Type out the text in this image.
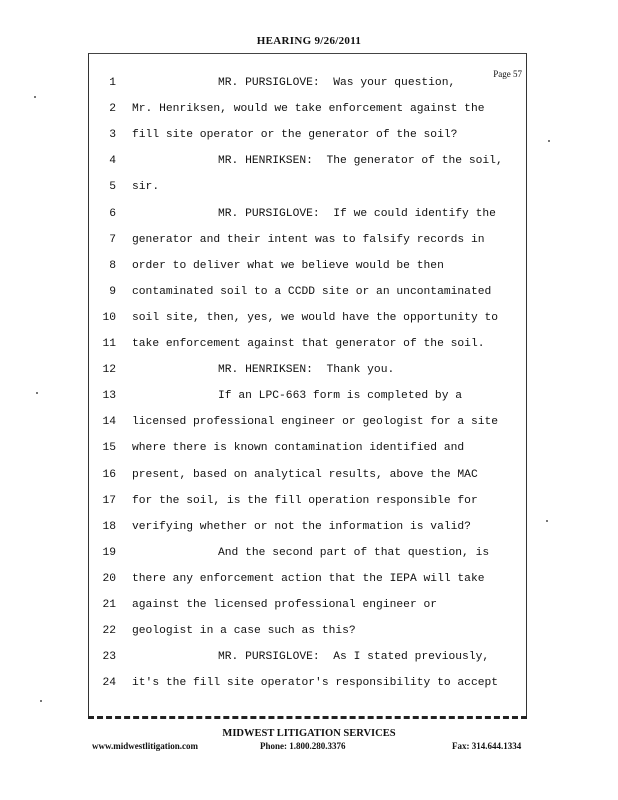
HEARING 9/26/2011
Page 57
1	MR. PURSIGLOVE:  Was your question,
2 Mr. Henriksen, would we take enforcement against the
3 fill site operator or the generator of the soil?
4	MR. HENRIKSEN:  The generator of the soil,
5 sir.
6	MR. PURSIGLOVE:  If we could identify the
7 generator and their intent was to falsify records in
8 order to deliver what we believe would be then
9 contaminated soil to a CCDD site or an uncontaminated
10 soil site, then, yes, we would have the opportunity to
11 take enforcement against that generator of the soil.
12	MR. HENRIKSEN:  Thank you.
13	If an LPC-663 form is completed by a
14 licensed professional engineer or geologist for a site
15 where there is known contamination identified and
16 present, based on analytical results, above the MAC
17 for the soil, is the fill operation responsible for
18 verifying whether or not the information is valid?
19	And the second part of that question, is
20 there any enforcement action that the IEPA will take
21 against the licensed professional engineer or
22 geologist in a case such as this?
23	MR. PURSIGLOVE:  As I stated previously,
24 it's the fill site operator's responsibility to accept
MIDWEST LITIGATION SERVICES
www.midwestlitigation.com	Phone: 1.800.280.3376	Fax: 314.644.1334
